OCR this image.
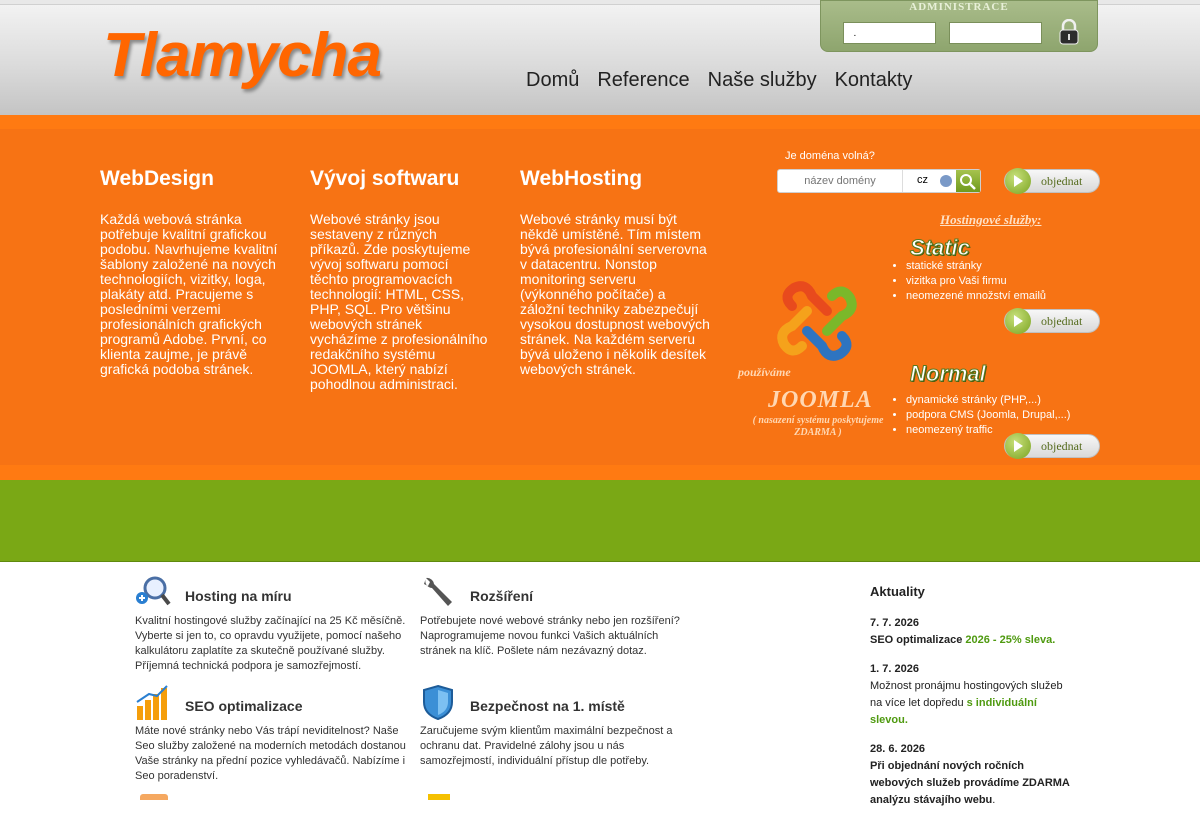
Tlamycha
ADMINISTRACE
.
Domů Reference Naše služby Kontakty
WebDesign

Každá webová stránka potřebuje kvalitní grafickou podobu. Navrhujeme kvalitní šablony založené na nových technologiích, vizitky, loga, plakáty atd. Pracujeme s posledními verzemi profesionálních grafických programů Adobe. První, co klienta zaujme, je právě grafická podoba stránek.

Vývoj softwaru

Webové stránky jsou sestaveny z různých příkazů. Zde poskytujeme vývoj softwaru pomocí těchto programovacích technologií: HTML, CSS, PHP, SQL. Pro většinu webových stránek vycházíme z profesionálního redakčního systému JOOMLA, který nabízí pohodlnou administraci.

WebHosting

Webové stránky musí být někdě umístěné. Tím místem bývá profesionální serverovna v datacentru. Nonstop monitoring serveru (výkonného počítače) a záložní techniky zabezpečují vysokou dostupnost webových stránek. Na každém serveru bývá uloženo i několik desítek webových stránek.

Je doména volná?
název domény
cz	objednat
Hostingové služby:
Static
• statické stránky
• vizitka pro Vaši firmu
• neomezené množství emailů
objednat
používáme
JOOMLA
( nasazení systému poskytujeme ZDARMA )
Normal
• dynamické stránky (PHP,...)
• podpora CMS (Joomla, Drupal,...)
• neomezený traffic
objednat
Hosting na míru

Kvalitní hostingové služby začínající na 25 Kč měsíčně. Vyberte si jen to, co opravdu využijete, pomocí našeho kalkulátoru zaplatíte za skutečně používané služby. Příjemná technická podpora je samozřejmostí.

Rozšíření

Potřebujete nové webové stránky nebo jen rozšíření? Naprogramujeme novou funkci Vašich aktuálních stránek na klíč. Pošlete nám nezávazný dotaz.

SEO optimalizace

Máte nové stránky nebo Vás trápí neviditelnost? Naše Seo služby založené na moderních metodách dostanou Vaše stránky na přední pozice vyhledávačů. Nabízíme i Seo poradenství.

Bezpečnost na 1. místě

Zaručujeme svým klientům maximální bezpečnost a ochranu dat. Pravidelné zálohy jsou u nás samozřejmostí, individuální přístup dle potřeby.

Aktuality
7. 7. 2026
SEO optimalizace 2026 - 25% sleva.
1. 7. 2026
Možnost pronájmu hostingových služeb na více let dopředu s individuální slevou.
28. 6. 2026
Při objednání nových ročních webových služeb provádíme ZDARMA analýzu stávajího webu.
